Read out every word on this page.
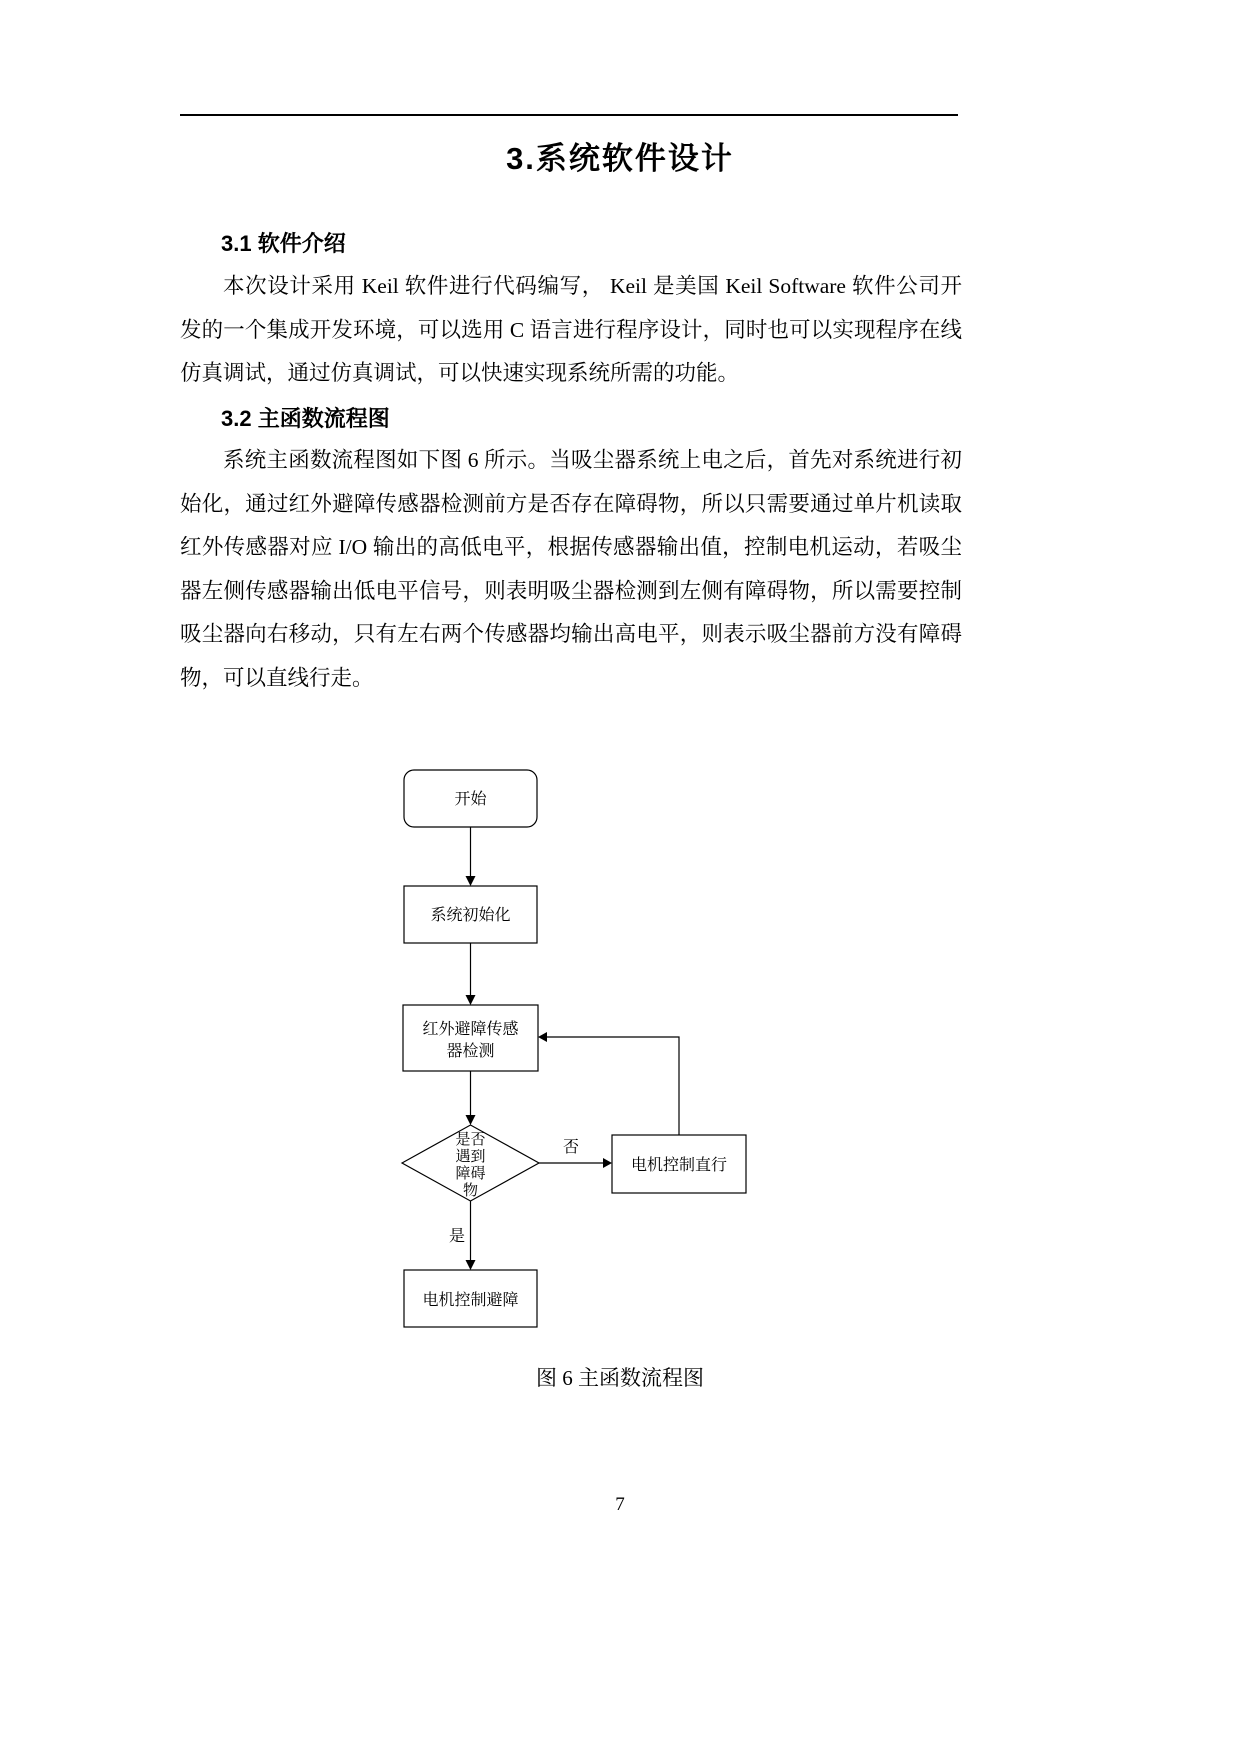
3.系统软件设计
3.1 软件介绍

本次设计采用 Keil 软件进行代码编写， Keil 是美国 Keil Software 软件公司开发的一个集成开发环境，可以选用 C 语言进行程序设计，同时也可以实现程序在线仿真调试，通过仿真调试，可以快速实现系统所需的功能。

3.2 主函数流程图

系统主函数流程图如下图 6 所示。当吸尘器系统上电之后，首先对系统进行初始化，通过红外避障传感器检测前方是否存在障碍物，所以只需要通过单片机读取红外传感器对应 I/O 输出的高低电平，根据传感器输出值，控制电机运动，若吸尘器左侧传感器输出低电平信号，则表明吸尘器检测到左侧有障碍物，所以需要控制吸尘器向右移动，只有左右两个传感器均输出高电平，则表示吸尘器前方没有障碍物，可以直线行走。

开始
系统初始化
红外避障传感
器检测
是否
遇到
障碍
物
否
是
电机控制直行
电机控制避障

图 6 主函数流程图

7
